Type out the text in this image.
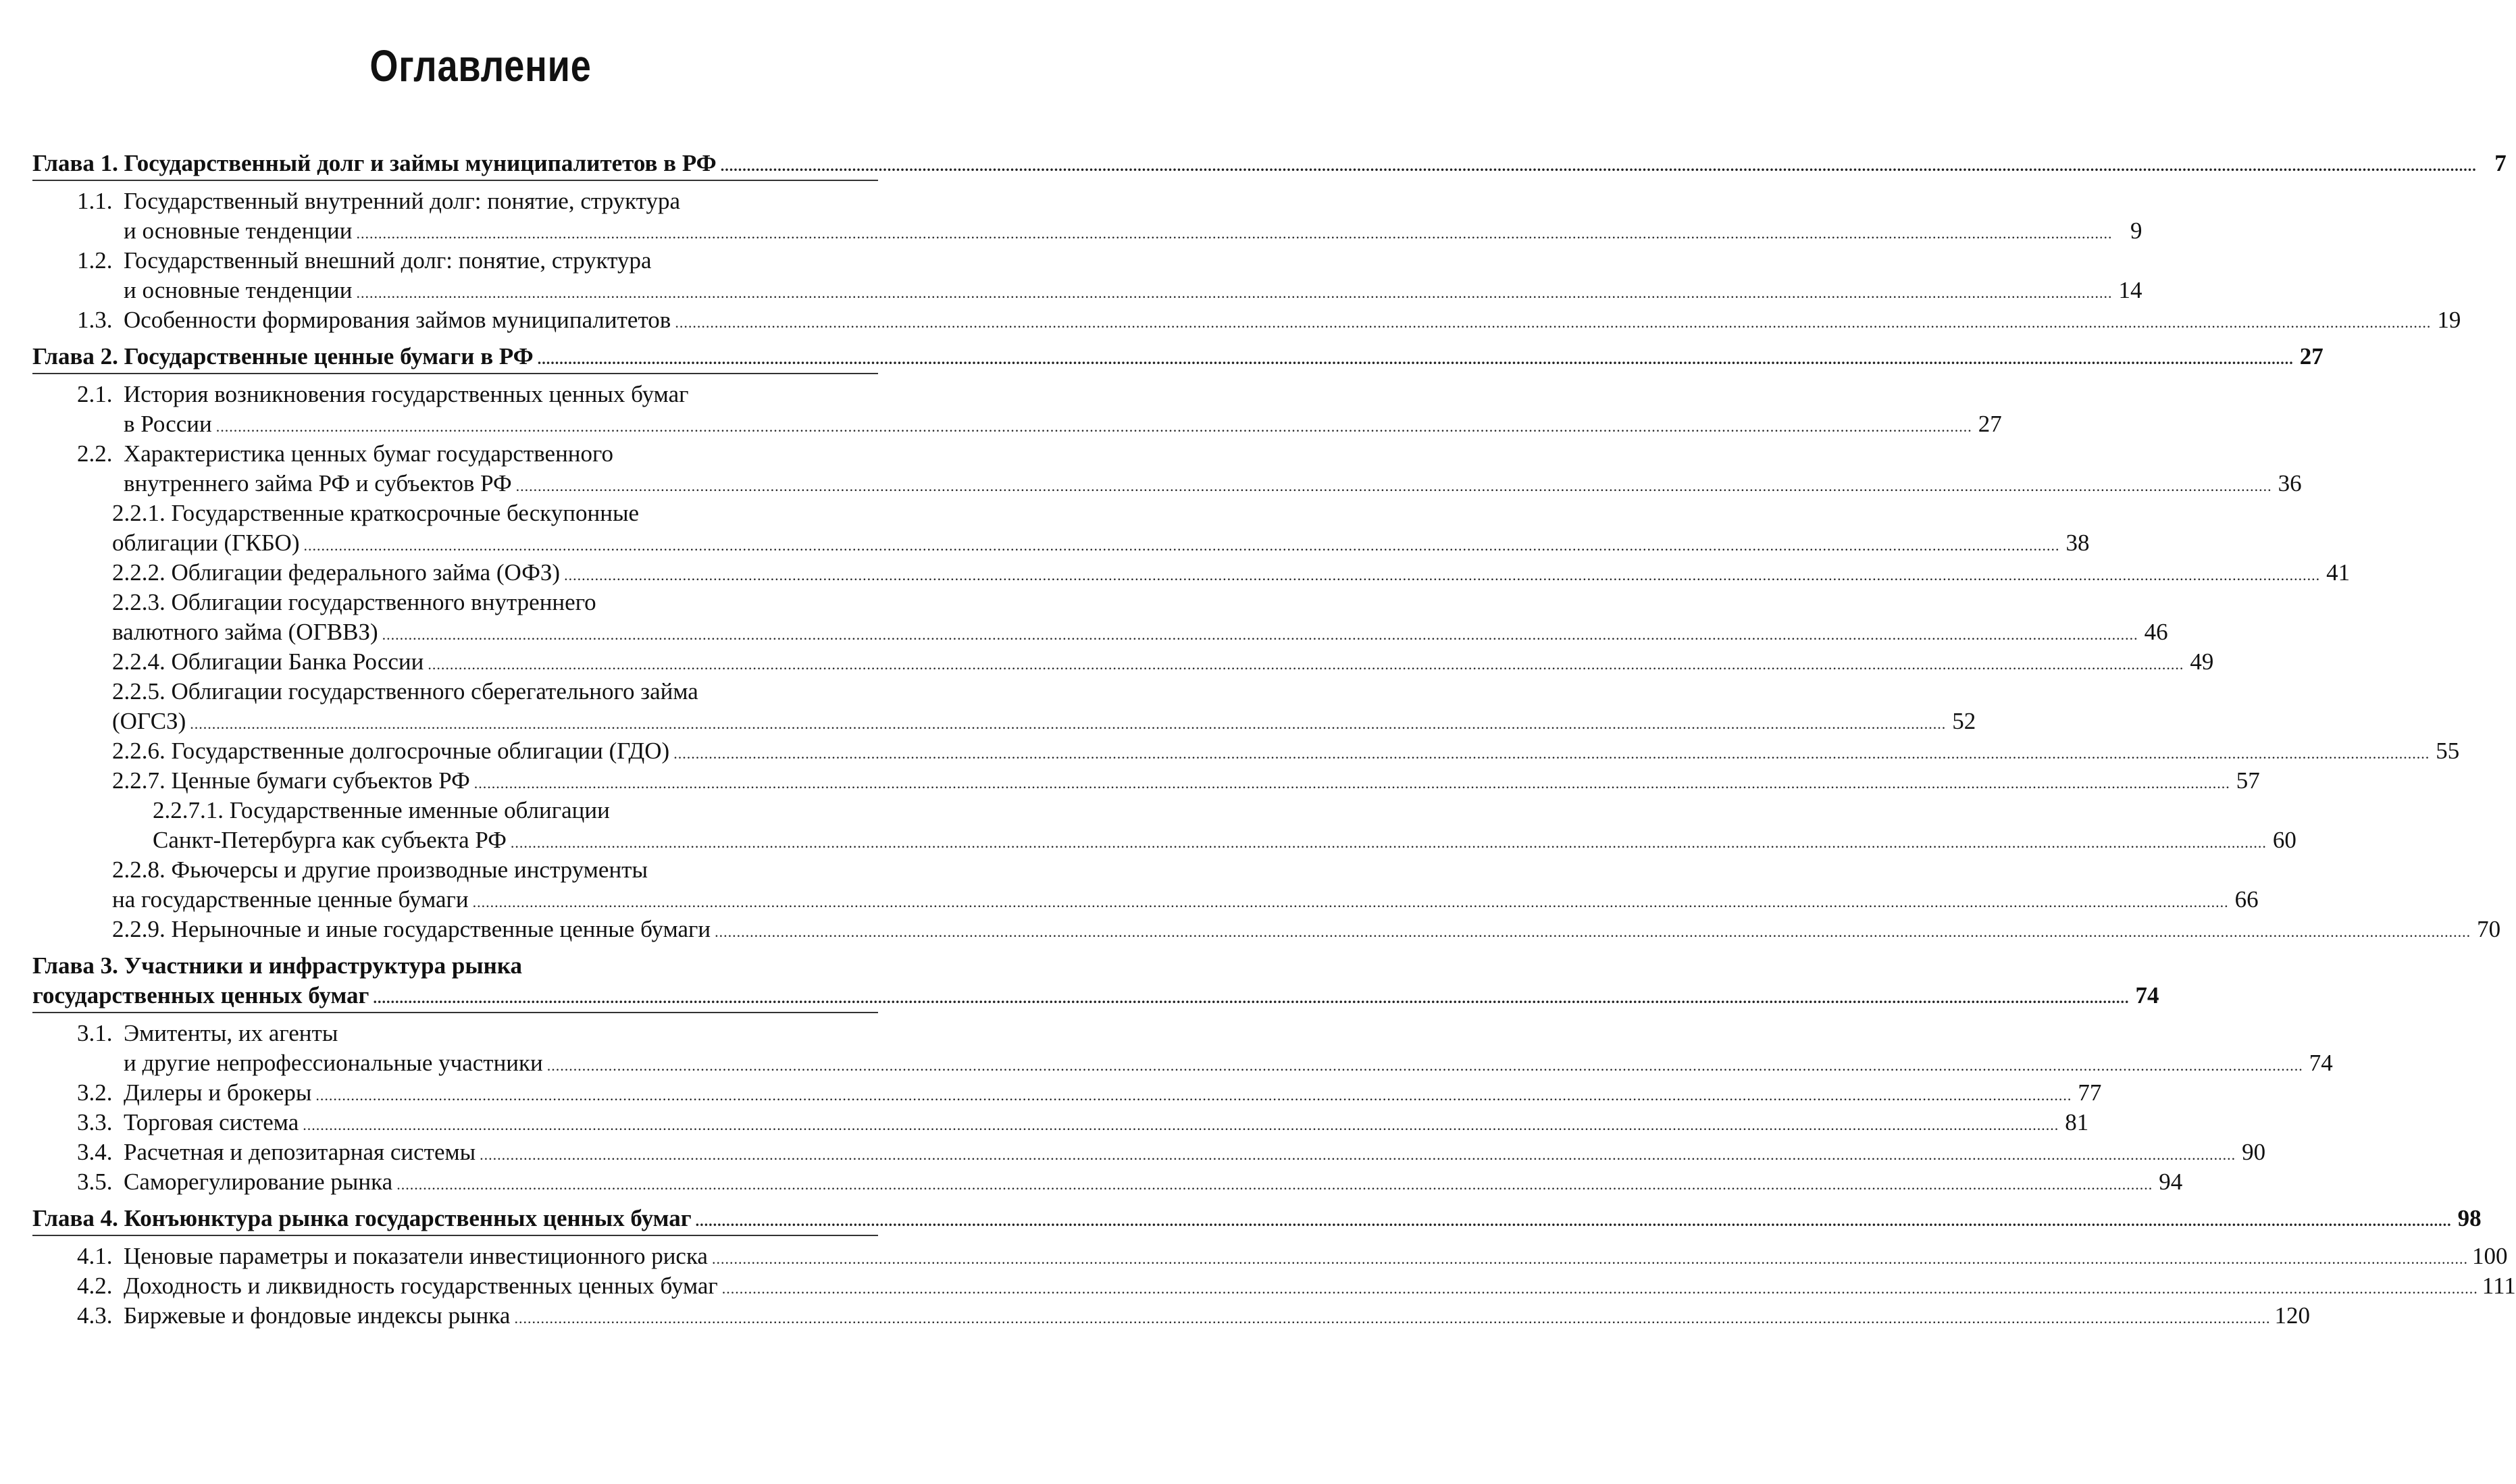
Оглавление
Глава 1. Государственный долг и займы муниципалитетов в РФ ................................................................................................................................................................................................................................................................................................................................................................................................................ 7
1.1. Государственный внутренний долг: понятие, структура
и основные тенденции ................................................................................................................................................................................................................................................................................................................................................................................................................ 9
1.2. Государственный внешний долг: понятие, структура
и основные тенденции ................................................................................................................................................................................................................................................................................................................................................................................................................ 14
1.3. Особенности формирования займов муниципалитетов ................................................................................................................................................................................................................................................................................................................................................................................................................ 19
Глава 2. Государственные ценные бумаги в РФ ................................................................................................................................................................................................................................................................................................................................................................................................................ 27
2.1. История возникновения государственных ценных бумаг
в России ................................................................................................................................................................................................................................................................................................................................................................................................................ 27
2.2. Характеристика ценных бумаг государственного
внутреннего займа РФ и субъектов РФ ................................................................................................................................................................................................................................................................................................................................................................................................................ 36
2.2.1. Государственные краткосрочные бескупонные
облигации (ГКБО) ................................................................................................................................................................................................................................................................................................................................................................................................................ 38
2.2.2. Облигации федерального займа (ОФЗ) ................................................................................................................................................................................................................................................................................................................................................................................................................ 41
2.2.3. Облигации государственного внутреннего
валютного займа (ОГВВЗ) ................................................................................................................................................................................................................................................................................................................................................................................................................ 46
2.2.4. Облигации Банка России ................................................................................................................................................................................................................................................................................................................................................................................................................ 49
2.2.5. Облигации государственного сберегательного займа
(ОГСЗ) ................................................................................................................................................................................................................................................................................................................................................................................................................ 52
2.2.6. Государственные долгосрочные облигации (ГДО) ................................................................................................................................................................................................................................................................................................................................................................................................................ 55
2.2.7. Ценные бумаги субъектов РФ ................................................................................................................................................................................................................................................................................................................................................................................................................ 57
2.2.7.1. Государственные именные облигации
Санкт-Петербурга как субъекта РФ ................................................................................................................................................................................................................................................................................................................................................................................................................ 60
2.2.8. Фьючерсы и другие производные инструменты
на государственные ценные бумаги ................................................................................................................................................................................................................................................................................................................................................................................................................ 66
2.2.9. Нерыночные и иные государственные ценные бумаги ................................................................................................................................................................................................................................................................................................................................................................................................................ 70
Глава 3. Участники и инфраструктура рынка
государственных ценных бумаг ................................................................................................................................................................................................................................................................................................................................................................................................................ 74
3.1. Эмитенты, их агенты
и другие непрофессиональные участники ................................................................................................................................................................................................................................................................................................................................................................................................................ 74
3.2. Дилеры и брокеры ................................................................................................................................................................................................................................................................................................................................................................................................................ 77
3.3. Торговая система ................................................................................................................................................................................................................................................................................................................................................................................................................ 81
3.4. Расчетная и депозитарная системы ................................................................................................................................................................................................................................................................................................................................................................................................................ 90
3.5. Саморегулирование рынка ................................................................................................................................................................................................................................................................................................................................................................................................................ 94
Глава 4. Конъюнктура рынка государственных ценных бумаг ................................................................................................................................................................................................................................................................................................................................................................................................................ 98
4.1. Ценовые параметры и показатели инвестиционного риска ................................................................................................................................................................................................................................................................................................................................................................................................................ 100
4.2. Доходность и ликвидность государственных ценных бумаг ................................................................................................................................................................................................................................................................................................................................................................................................................ 111
4.3. Биржевые и фондовые индексы рынка ................................................................................................................................................................................................................................................................................................................................................................................................................ 120
